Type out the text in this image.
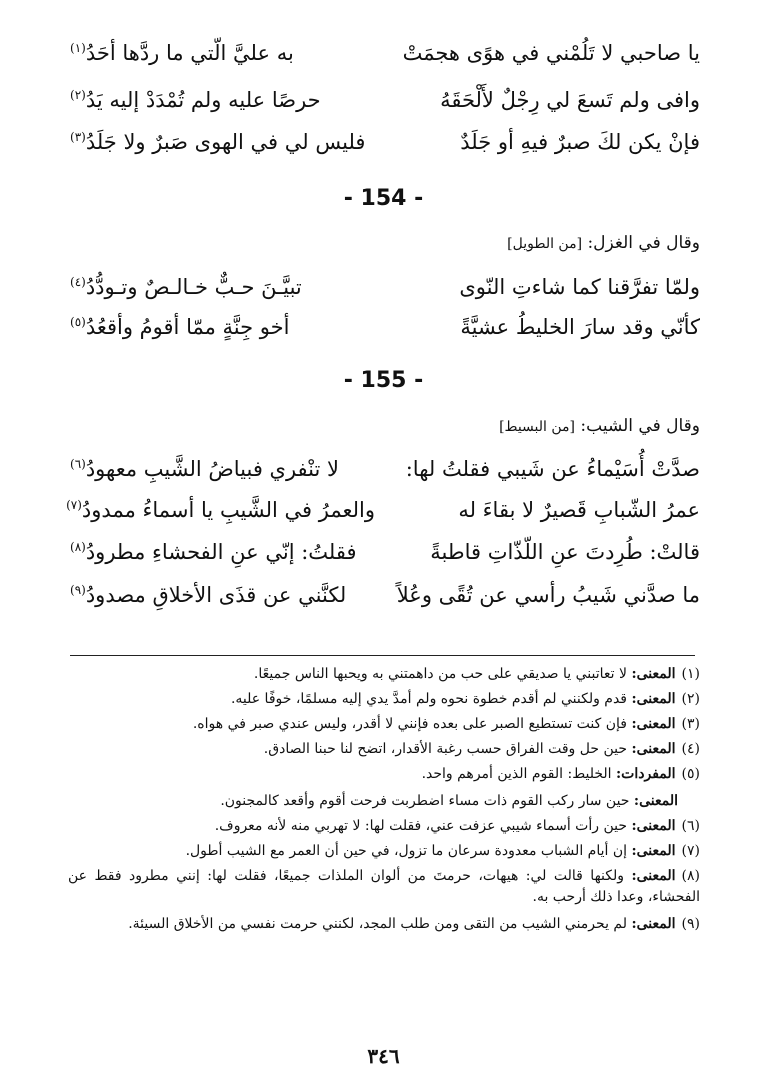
يا صاحبي لا تَلُمْني في هوًى هجمَتْ
به عليَّ الّتي ما ردَّها أحَدُ$^{(١)}$
وافى ولم تَسعَ لي رِجْلٌ لأَلْحَقَهُ
حرصًا عليه ولم تُمْدَدْ إليه يَدُ$^{(٢)}$
فإنْ يكن لكَ صبرٌ فيهِ أو جَلَدٌ
فليس لي في الهوى صَبرٌ ولا جَلَدُ$^{(٣)}$
- 154 -
وقال في الغزل: [من الطويل]
ولمّا تفرَّقنا كما شاءتِ النّوى
تبيَّـنَ حـبٌّ خـالـصٌ وتـودُّدُ$^{(٤)}$
كأنّي وقد سارَ الخليطُ عشيَّةً
أخو جِنَّةٍ ممّا أقومُ وأقعُدُ$^{(٥)}$
- 155 -
وقال في الشيب: [من البسيط]
صدَّتْ أُسَيْماءُ عن شَيبي فقلتُ لها:
لا تنْفري فبياضُ الشَّيبِ معهودُ$^{(٦)}$
عمرُ الشّبابِ قَصيرٌ لا بقاءَ له
والعمرُ في الشَّيبِ يا أسماءُ ممدودُ$^{(٧)}$
قالتْ: طُرِدتَ عنِ اللّذّاتِ قاطبةً
فقلتُ: إنّي عنِ الفحشاءِ مطرودُ$^{(٨)}$
ما صدَّني شَيبُ رأسي عن تُقًى وعُلاً
لكنَّني عن قذَى الأخلاقِ مصدودُ$^{(٩)}$
(١)المعنى: لا تعاتبني يا صديقي على حب من داهمتني به ويحبها الناس جميعًا.
(٢)المعنى: قدم ولكنني لم أقدم خطوة نحوه ولم أمدَّ يدي إليه مسلمًا، خوفًا عليه.
(٣)المعنى: فإن كنت تستطيع الصبر على بعده فإنني لا أقدر، وليس عندي صبر في هواه.
(٤)المعنى: حين حل وقت الفراق حسب رغبة الأقدار، اتضح لنا حبنا الصادق.
(٥)المفردات: الخليط: القوم الذين أمرهم واحد.
المعنى: حين سار ركب القوم ذات مساء اضطربت فرحت أقوم وأقعد كالمجنون.
(٦)المعنى: حين رأت أسماء شيبي عزفت عني، فقلت لها: لا تهربي منه لأنه معروف.
(٧)المعنى: إن أيام الشباب معدودة سرعان ما تزول، في حين أن العمر مع الشيب أطول.
(٨)المعنى: ولكنها قالت لي: هيهات، حرمتَ من ألوان الملذات جميعًا، فقلت لها: إنني مطرود فقط عن الفحشاء، وعدا ذلك أرحب به.
(٩)المعنى: لم يحرمني الشيب من التقى ومن طلب المجد، لكنني حرمت نفسي من الأخلاق السيئة.
٣٤٦
